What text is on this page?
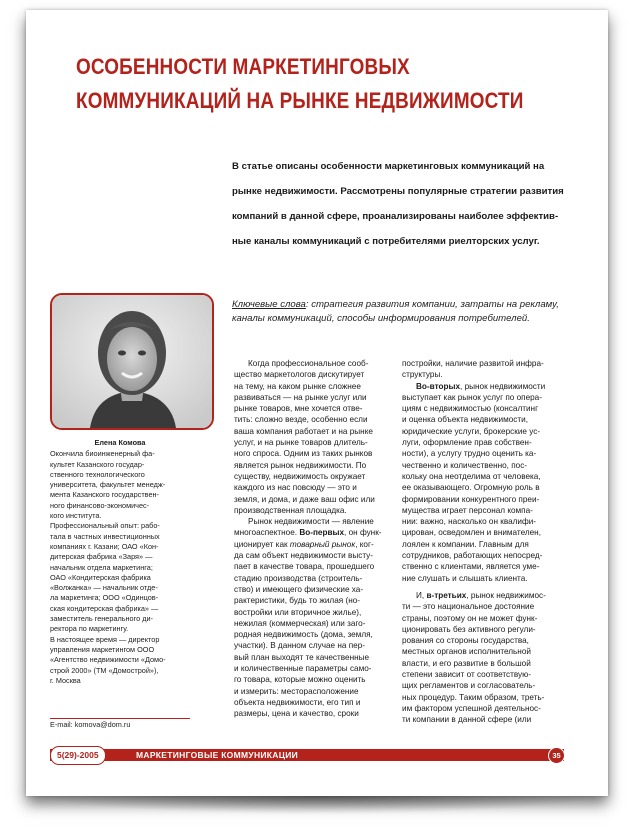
ОСОБЕННОСТИ МАРКЕТИНГОВЫХ
КОММУНИКАЦИЙ НА РЫНКЕ НЕДВИЖИМОСТИ
В статье описаны особенности маркетинговых коммуникаций на
рынке недвижимости. Рассмотрены популярные стратегии развития
компаний в данной сфере, проанализированы наиболее эффектив-
ные каналы коммуникаций с потребителями риелторских услуг.
Ключевые слова: стратегия развития компании, затраты на рекламу,
каналы коммуникаций, способы информирования потребителей.

Елена Комова

Окончила биоинженерный фа-
культет Казанского государ-
ственного технологического
университета, факультет менедж-
мента Казанского государствен-
ного финансово-экономичес-
кого института.
Профессиональный опыт: рабо-
тала в частных инвестиционных
компаниях г. Казани; ОАО «Кон-
дитерская фабрика «Заря» —
начальник отдела маркетинга;
ОАО «Кондитерская фабрика
«Волжанка» — начальник отде-
ла маркетинга; ООО «Одинцов-
ская кондитерская фабрика» —
заместитель генерального ди-
ректора по маркетингу.
В настоящее время — директор
управления маркетингом ООО
«Агентство недвижимости «Домо-
строй 2000» (ТМ «Домострой»),
г. Москва
E-mail: komova@dom.ru
Когда профессиональное сооб-
щество маркетологов дискутирует
на тему, на каком рынке сложнее
развиваться — на рынке услуг или
рынке товаров, мне хочется отве-
тить: сложно везде, особенно если
ваша компания работает и на рынке
услуг, и на рынке товаров длитель-
ного спроса. Одним из таких рынков
является рынок недвижимости. По
существу, недвижимость окружает
каждого из нас повсюду — это и
земля, и дома, и даже ваш офис или
производственная площадка.
Рынок недвижимости — явление
многоаспектное. Во-первых, он функ-
ционирует как товарный рынок, ког-
да сам объект недвижимости высту-
пает в качестве товара, прошедшего
стадию производства (строитель-
ство) и имеющего физические ха-
рактеристики, будь то жилая (но-
востройки или вторичное жилье),
нежилая (коммерческая) или заго-
родная недвижимость (дома, земля,
участки). В данном случае на пер-
вый план выходят те качественные
и количественные параметры само-
го товара, которые можно оценить
и измерить: месторасположение
объекта недвижимости, его тип и
размеры, цена и качество, сроки
постройки, наличие развитой инфра-
структуры.
Во-вторых, рынок недвижимости
выступает как рынок услуг по опера-
циям с недвижимостью (консалтинг
и оценка объекта недвижимости,
юридические услуги, брокерские ус-
луги, оформление прав собствен-
ности), а услугу трудно оценить ка-
чественно и количественно, пос-
кольку она неотделима от человека,
ее оказывающего. Огромную роль в
формировании конкурентного преи-
мущества играет персонал компа-
нии: важно, насколько он квалифи-
цирован, осведомлен и внимателен,
лоялен к компании. Главным для
сотрудников, работающих непосред-
ственно с клиентами, является уме-
ние слушать и слышать клиента.
И, в-третьих, рынок недвижимос-
ти — это национальное достояние
страны, поэтому он не может функ-
ционировать без активного регули-
рования со стороны государства,
местных органов исполнительной
власти, и его развитие в большой
степени зависит от соответствую-
щих регламентов и согласователь-
ных процедур. Таким образом, треть-
им фактором успешной деятельнос-
ти компании в данной сфере (или
5(29)-2005	МАРКЕТИНГОВЫЕ КОММУНИКАЦИИ	35
